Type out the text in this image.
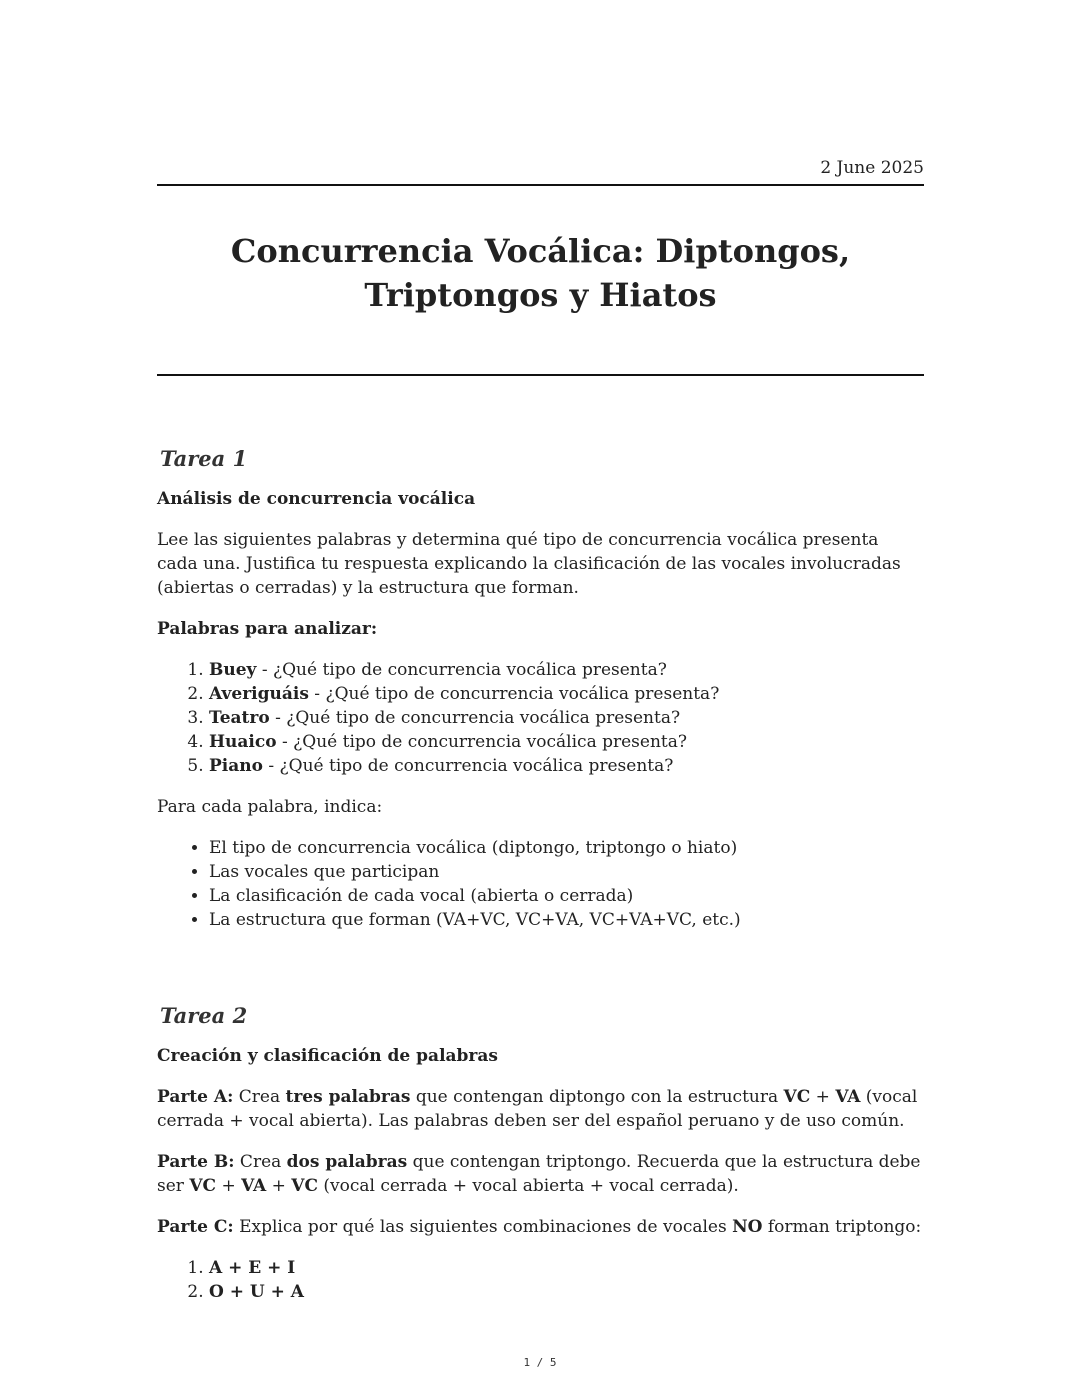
2 June 2025
Concurrencia Vocálica: Diptongos, Triptongos y Hiatos
Tarea 1
Análisis de concurrencia vocálica

Lee las siguientes palabras y determina qué tipo de concurrencia vocálica presenta cada una. Justifica tu respuesta explicando la clasificación de las vocales involucradas (abiertas o cerradas) y la estructura que forman.

Palabras para analizar:

1. Buey - ¿Qué tipo de concurrencia vocálica presenta?
2. Averiguáis - ¿Qué tipo de concurrencia vocálica presenta?
3. Teatro - ¿Qué tipo de concurrencia vocálica presenta?
4. Huaico - ¿Qué tipo de concurrencia vocálica presenta?
5. Piano - ¿Qué tipo de concurrencia vocálica presenta?

Para cada palabra, indica:

• El tipo de concurrencia vocálica (diptongo, triptongo o hiato)
• Las vocales que participan
• La clasificación de cada vocal (abierta o cerrada)
• La estructura que forman (VA+VC, VC+VA, VC+VA+VC, etc.)
Tarea 2
Creación y clasificación de palabras

Parte A: Crea tres palabras que contengan diptongo con la estructura VC + VA (vocal cerrada + vocal abierta). Las palabras deben ser del español peruano y de uso común.

Parte B: Crea dos palabras que contengan triptongo. Recuerda que la estructura debe ser VC + VA + VC (vocal cerrada + vocal abierta + vocal cerrada).

Parte C: Explica por qué las siguientes combinaciones de vocales NO forman triptongo:

1. A + E + I
2. O + U + A
1 / 5
